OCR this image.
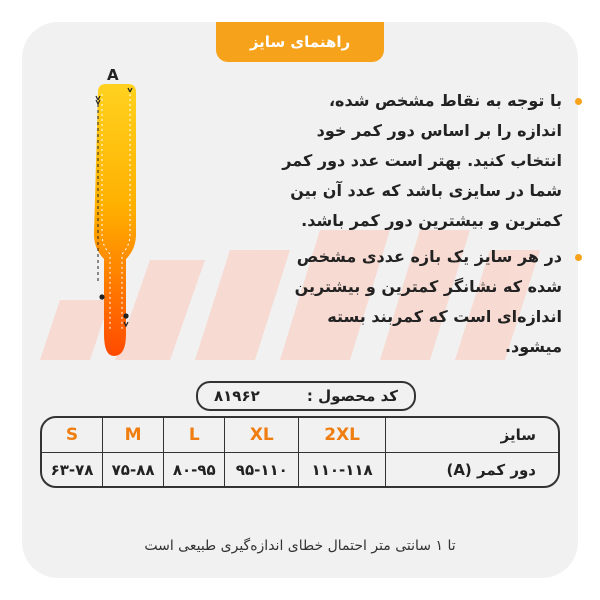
راهنمای سایز
A

با توجه به نقاط مشخص شده، اندازه را بر اساس دور کمر خود انتخاب کنید. بهتر است عدد دور کمر شما در سایزی باشد که عدد آن بین کمترین و بیشترین دور کمر باشد.

در هر سایز یک بازه عددی مشخص شده که نشانگر کمترین و بیشترین اندازه‌ای است که کمربند بسته میشود.

کد محصول :
۸۱۹۶۲
سایز	2XL	XL	L	M	S
دور کمر (A)	۱۱۰-۱۱۸	۹۵-۱۱۰	۸۰-۹۵	۷۵-۸۸	۶۳-۷۸
تا ۱ سانتی متر احتمال خطای اندازه‌گیری طبیعی است
